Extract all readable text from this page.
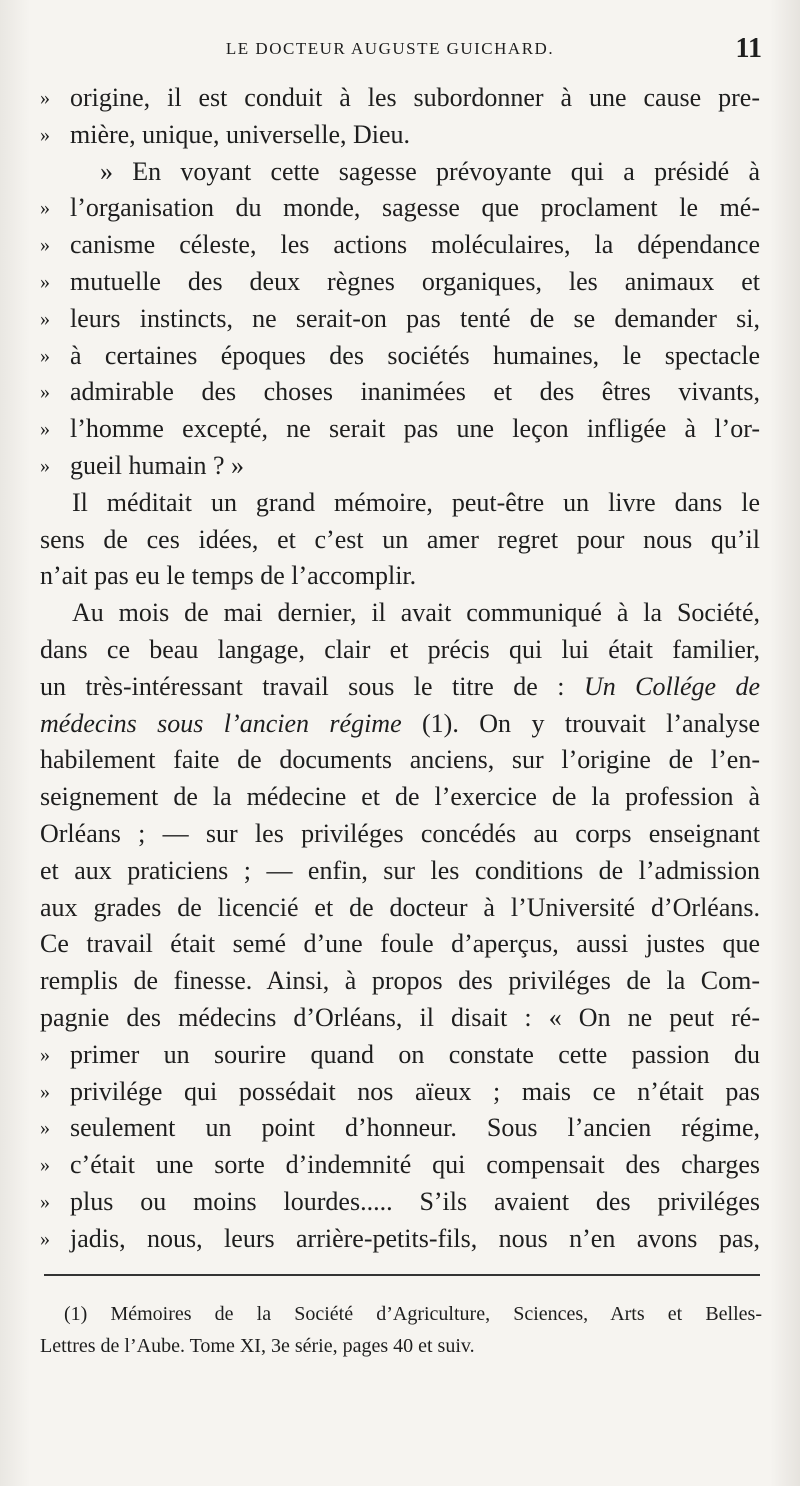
LE DOCTEUR AUGUSTE GUICHARD.	11
» origine, il est conduit à les subordonner à une cause pre-
» mière, unique, universelle, Dieu.
» En voyant cette sagesse prévoyante qui a présidé à
» l’organisation du monde, sagesse que proclament le mé-
» canisme céleste, les actions moléculaires, la dépendance
» mutuelle des deux règnes organiques, les animaux et
» leurs instincts, ne serait-on pas tenté de se demander si,
» à certaines époques des sociétés humaines, le spectacle
» admirable des choses inanimées et des êtres vivants,
» l’homme excepté, ne serait pas une leçon infligée à l’or-
» gueil humain ? »
Il méditait un grand mémoire, peut-être un livre dans le
sens de ces idées, et c’est un amer regret pour nous qu’il
n’ait pas eu le temps de l’accomplir.
Au mois de mai dernier, il avait communiqué à la Société,
dans ce beau langage, clair et précis qui lui était familier,
un très-intéressant travail sous le titre de : Un Collége de
médecins sous l’ancien régime (1). On y trouvait l’analyse
habilement faite de documents anciens, sur l’origine de l’en-
seignement de la médecine et de l’exercice de la profession à
Orléans ; — sur les priviléges concédés au corps enseignant
et aux praticiens ; — enfin, sur les conditions de l’admission
aux grades de licencié et de docteur à l’Université d’Orléans.
Ce travail était semé d’une foule d’aperçus, aussi justes que
remplis de finesse. Ainsi, à propos des priviléges de la Com-
pagnie des médecins d’Orléans, il disait : « On ne peut ré-
» primer un sourire quand on constate cette passion du
» privilége qui possédait nos aïeux ; mais ce n’était pas
» seulement un point d’honneur. Sous l’ancien régime,
» c’était une sorte d’indemnité qui compensait des charges
» plus ou moins lourdes..... S’ils avaient des priviléges
» jadis, nous, leurs arrière-petits-fils, nous n’en avons pas,
(1) Mémoires de la Société d’Agriculture, Sciences, Arts et Belles-
Lettres de l’Aube. Tome XI, 3e série, pages 40 et suiv.
